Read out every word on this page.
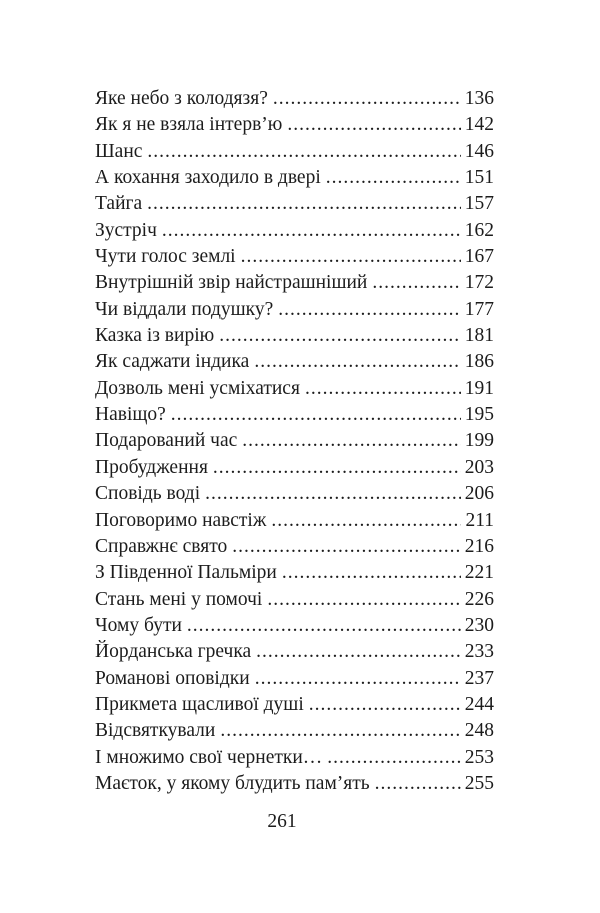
Яке небо з колодязя? .....	136
Як я не взяла інтерв’ю .....	142
Шанс .....	146
А кохання заходило в двері .....	151
Тайга .....	157
Зустріч .....	162
Чути голос землі .....	167
Внутрішній звір найстрашніший .....	172
Чи віддали подушку? .....	177
Казка із вирію .....	181
Як саджати індика .....	186
Дозволь мені усміхатися .....	191
Навіщо? .....	195
Подарований час .....	199
Пробудження .....	203
Сповідь воді .....	206
Поговоримо навстіж .....	211
Справжнє свято .....	216
З Південної Пальміри .....	221
Стань мені у помочі .....	226
Чому бути .....	230
Йорданська гречка .....	233
Романові оповідки .....	237
Прикмета щасливої душі .....	244
Відсвяткували .....	248
І множимо свої чернетки… .....	253
Маєток, у якому блудить пам’ять .....	255
261
